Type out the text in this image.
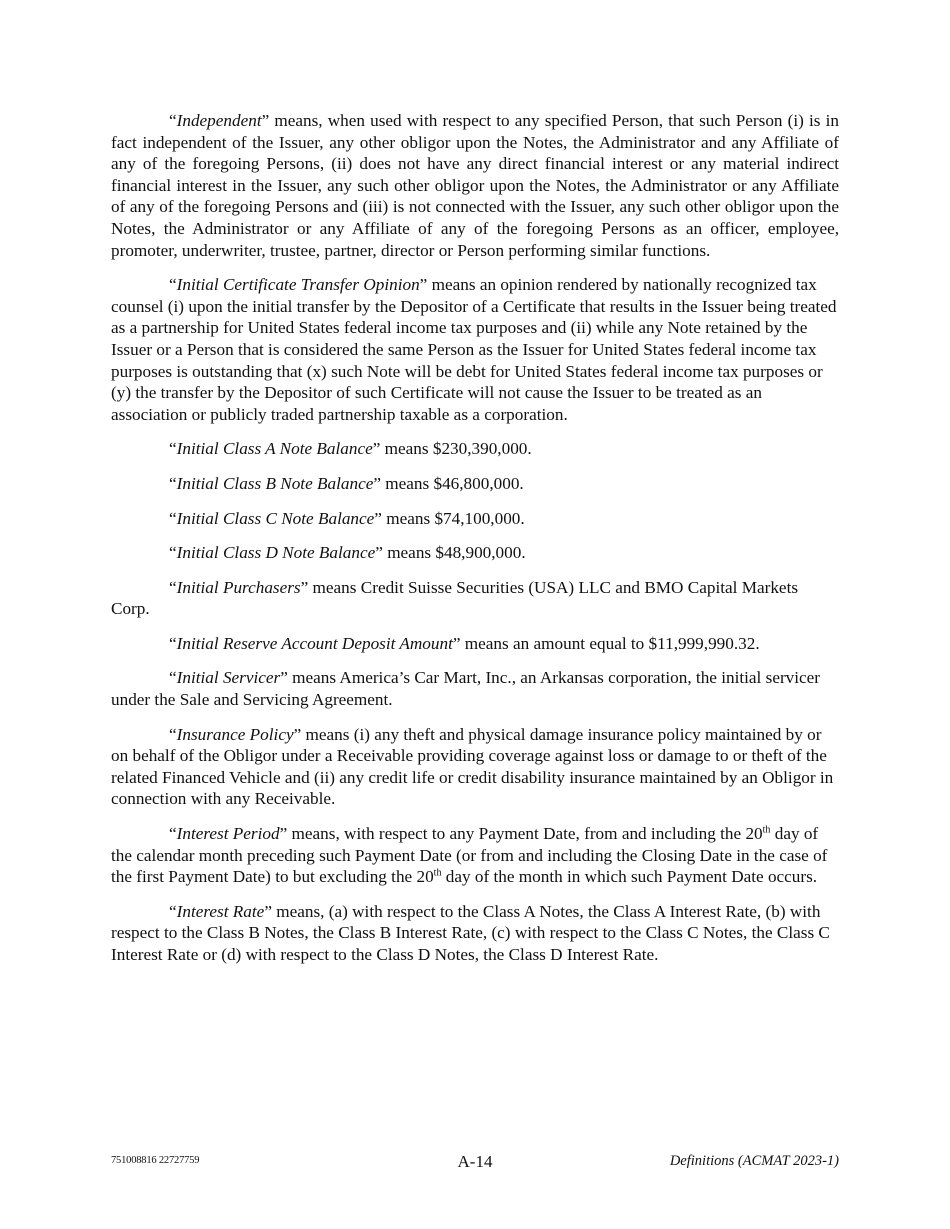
“Independent” means, when used with respect to any specified Person, that such Person (i) is in fact independent of the Issuer, any other obligor upon the Notes, the Administrator and any Affiliate of any of the foregoing Persons, (ii) does not have any direct financial interest or any material indirect financial interest in the Issuer, any such other obligor upon the Notes, the Administrator or any Affiliate of any of the foregoing Persons and (iii) is not connected with the Issuer, any such other obligor upon the Notes, the Administrator or any Affiliate of any of the foregoing Persons as an officer, employee, promoter, underwriter, trustee, partner, director or Person performing similar functions.

“Initial Certificate Transfer Opinion” means an opinion rendered by nationally recognized tax counsel (i) upon the initial transfer by the Depositor of a Certificate that results in the Issuer being treated as a partnership for United States federal income tax purposes and (ii) while any Note retained by the Issuer or a Person that is considered the same Person as the Issuer for United States federal income tax purposes is outstanding that (x) such Note will be debt for United States federal income tax purposes or (y) the transfer by the Depositor of such Certificate will not cause the Issuer to be treated as an association or publicly traded partnership taxable as a corporation.

“Initial Class A Note Balance” means $230,390,000.

“Initial Class B Note Balance” means $46,800,000.

“Initial Class C Note Balance” means $74,100,000.

“Initial Class D Note Balance” means $48,900,000.

“Initial Purchasers” means Credit Suisse Securities (USA) LLC and BMO Capital Markets Corp.

“Initial Reserve Account Deposit Amount” means an amount equal to $11,999,990.32.

“Initial Servicer” means America’s Car Mart, Inc., an Arkansas corporation, the initial servicer under the Sale and Servicing Agreement.

“Insurance Policy” means (i) any theft and physical damage insurance policy maintained by or on behalf of the Obligor under a Receivable providing coverage against loss or damage to or theft of the related Financed Vehicle and (ii) any credit life or credit disability insurance maintained by an Obligor in connection with any Receivable.

“Interest Period” means, with respect to any Payment Date, from and including the 20th day of the calendar month preceding such Payment Date (or from and including the Closing Date in the case of the first Payment Date) to but excluding the 20th day of the month in which such Payment Date occurs.

“Interest Rate” means, (a) with respect to the Class A Notes, the Class A Interest Rate, (b) with respect to the Class B Notes, the Class B Interest Rate, (c) with respect to the Class C Notes, the Class C Interest Rate or (d) with respect to the Class D Notes, the Class D Interest Rate.

751008816 22727759	A-14	Definitions (ACMAT 2023-1)
